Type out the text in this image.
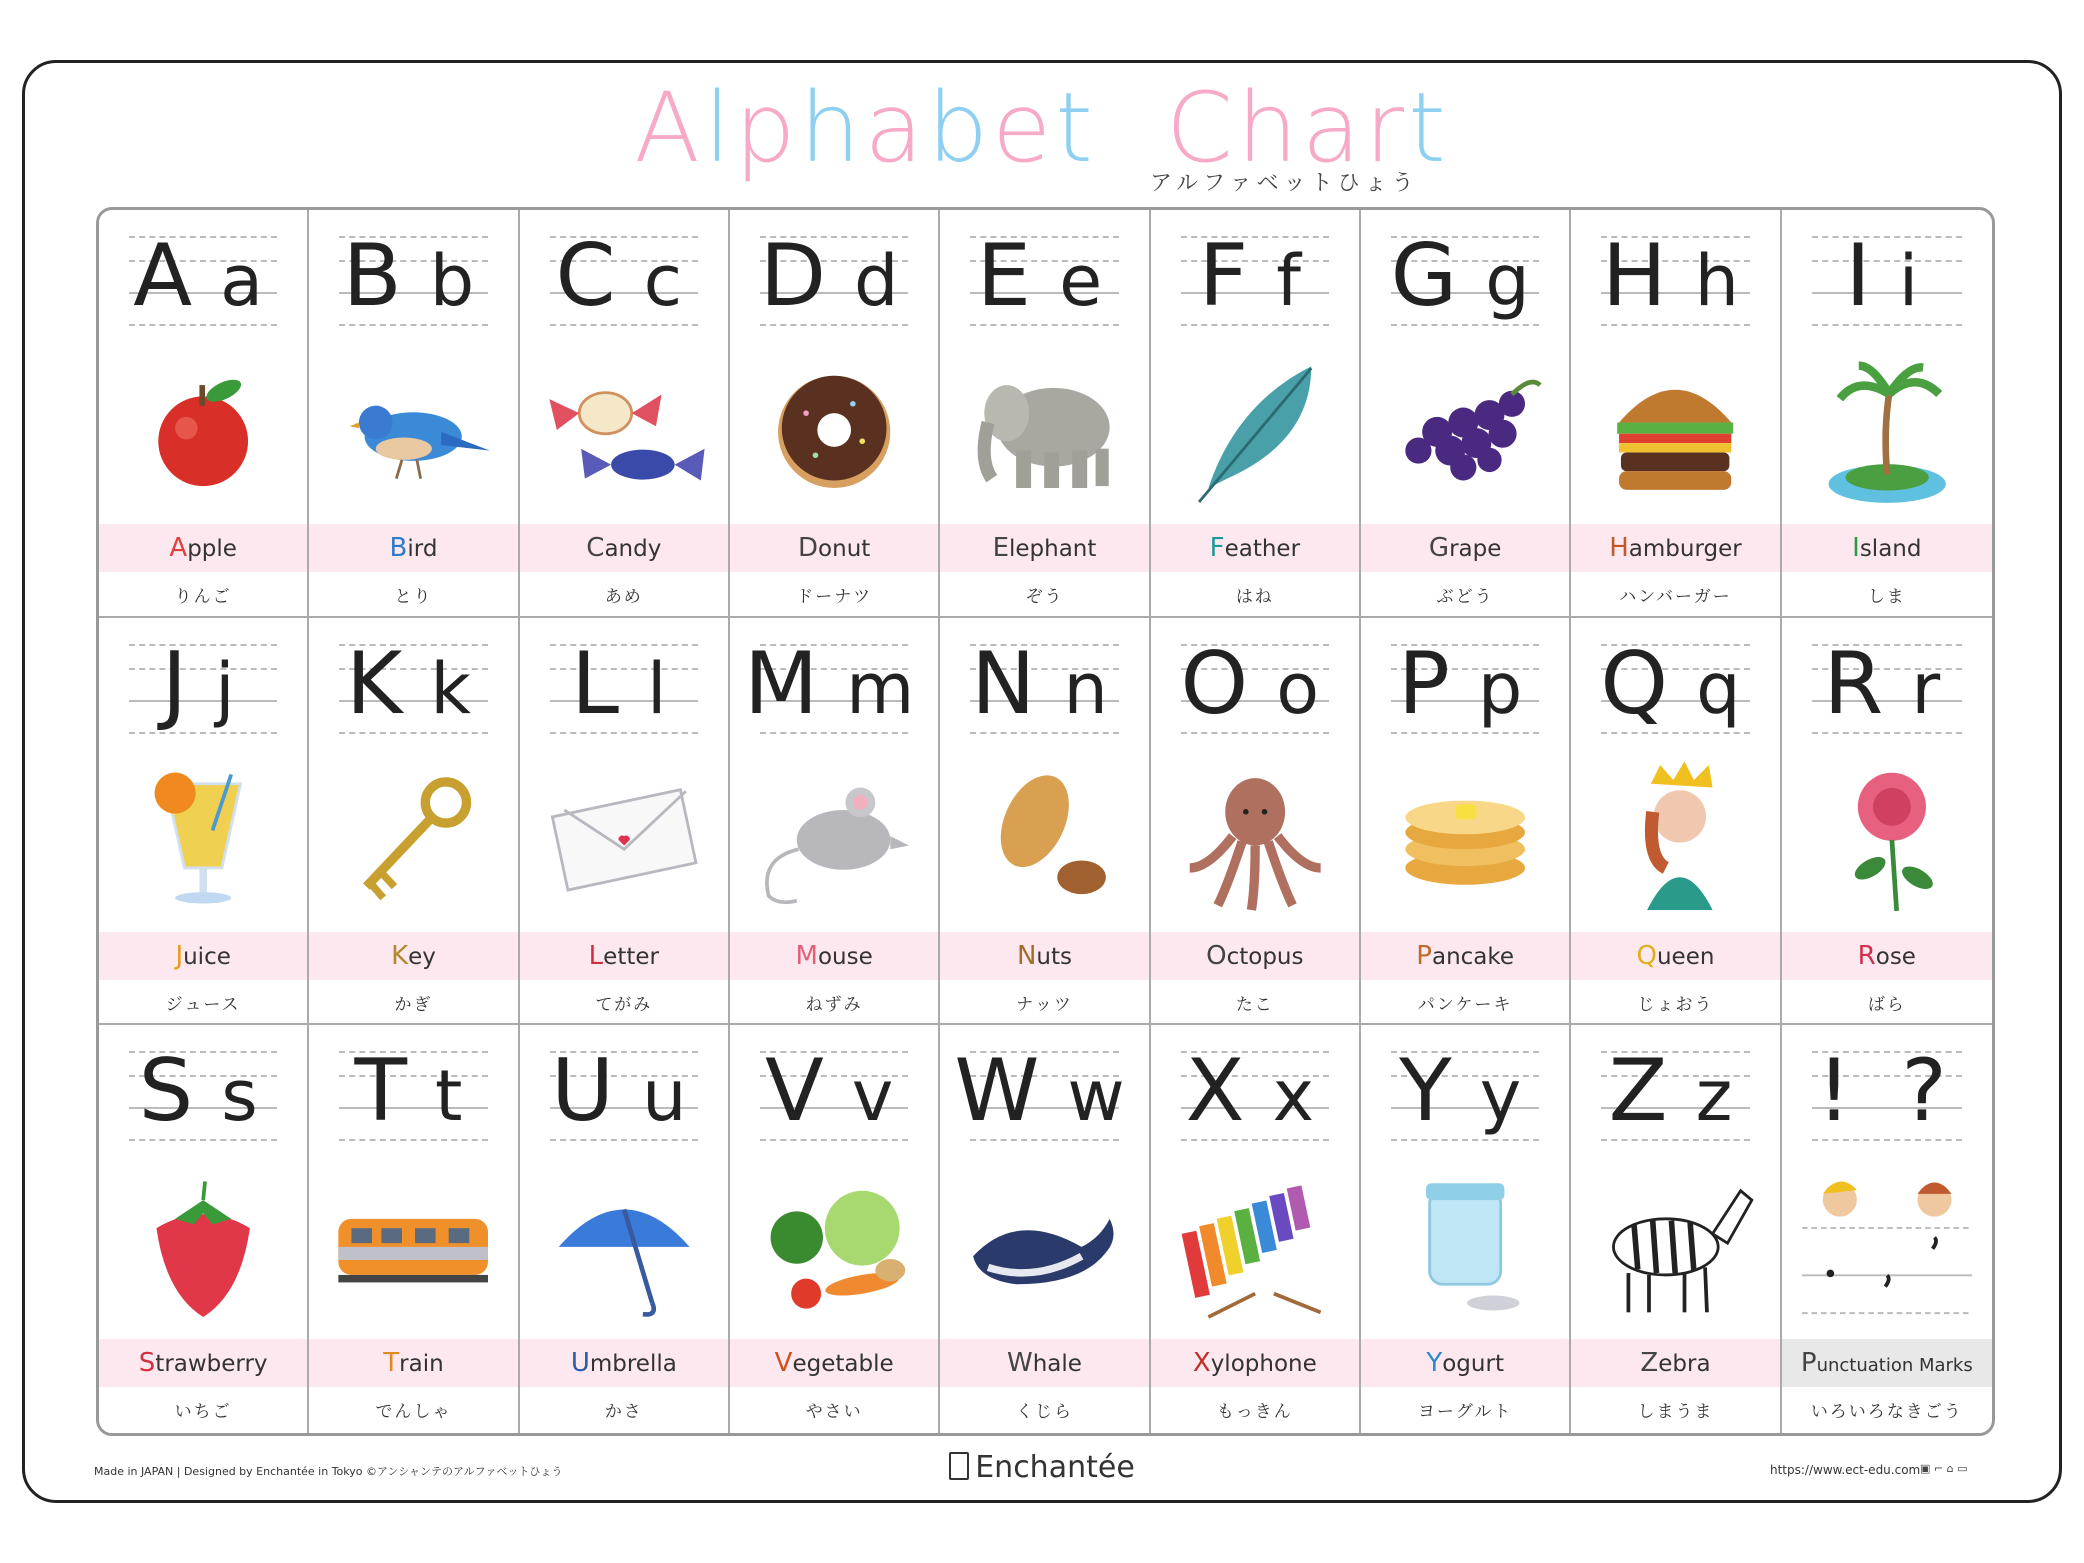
Alphabet Chart
アルファベットひょう
A a
Apple
りんご
B b
Bird
とり
C c
Candy
あめ
D d
Donut
ドーナツ
E e
Elephant
ぞう
F f
Feather
はね
G g
Grape
ぶどう
H h
Hamburger
ハンバーガー
I i
Island
しま
J j
Juice
ジュース
K k
Key
かぎ
L l
Letter
てがみ
M m
Mouse
ねずみ
N n
Nuts
ナッツ
O o
Octopus
たこ
P p
Pancake
パンケーキ
Q q
Queen
じょおう
R r
Rose
ばら
S s
Strawberry
いちご
T t
Train
でんしゃ
U u
Umbrella
かさ
V v
Vegetable
やさい
W w
Whale
くじら
X x
Xylophone
もっきん
Y y
Yogurt
ヨーグルト
Z z
Zebra
しまうま
! ?
Punctuation Marks
いろいろなきごう
Made in JAPAN | Designed by Enchantée in Tokyo ©アンシャンテのアルファベットひょう	Enchantée	https://www.ect-edu.com ▣ ⌐ ⌂ ▭
